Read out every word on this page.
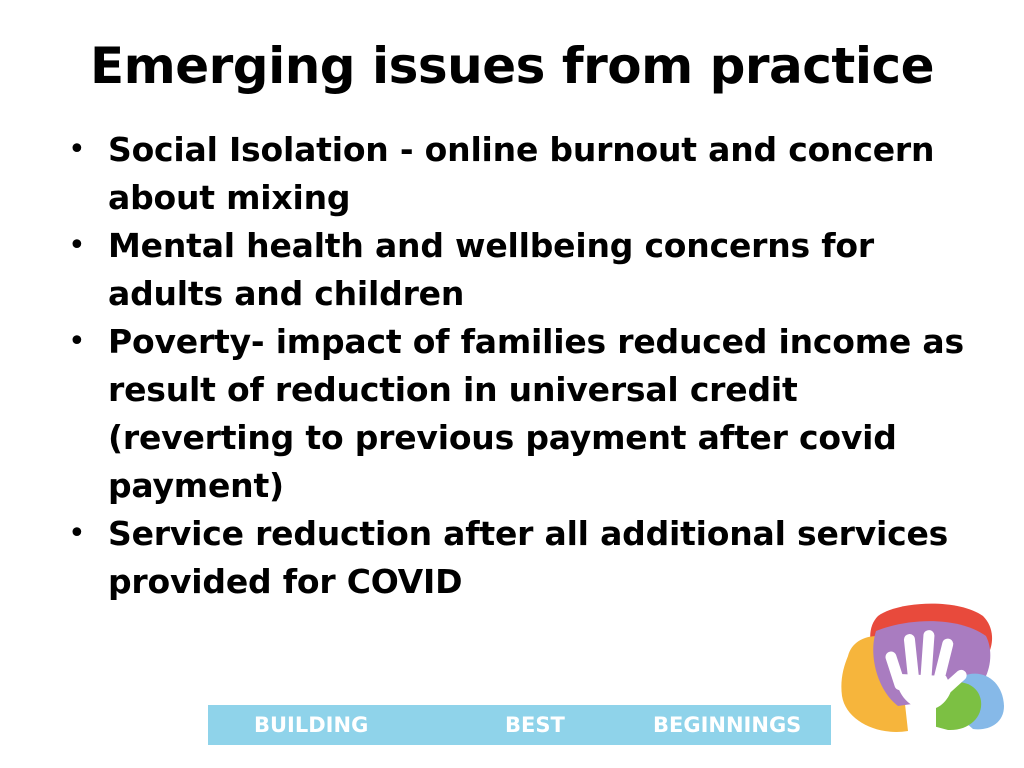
Emerging issues from practice
• Social Isolation - online burnout and concern about mixing
• Mental health and wellbeing concerns for adults and children
• Poverty- impact of families reduced income as result of reduction in universal credit (reverting to previous payment after covid payment)
• Service reduction after all additional services provided for COVID
BUILDING	BEST	BEGINNINGS
